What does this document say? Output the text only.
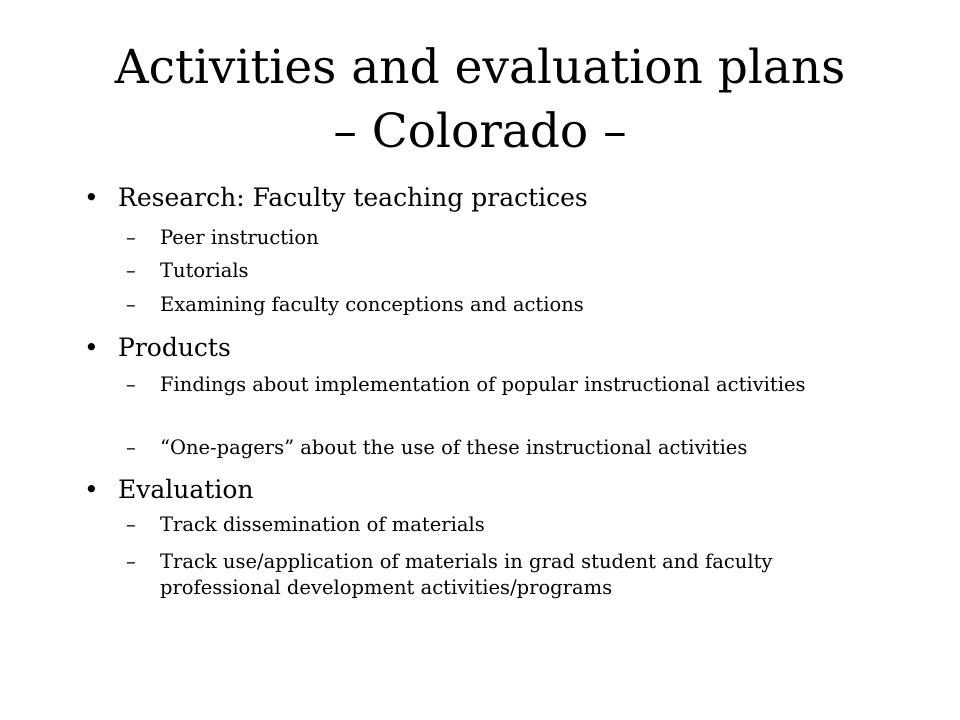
Activities and evaluation plans
– Colorado –
• Research: Faculty teaching practices
–	Peer instruction
–	Tutorials
–	Examining faculty conceptions and actions
• Products
–	Findings about implementation of popular instructional activities
–	“One-pagers” about the use of these instructional activities
• Evaluation
–	Track dissemination of materials
–	Track use/application of materials in grad student and faculty professional development activities/programs
